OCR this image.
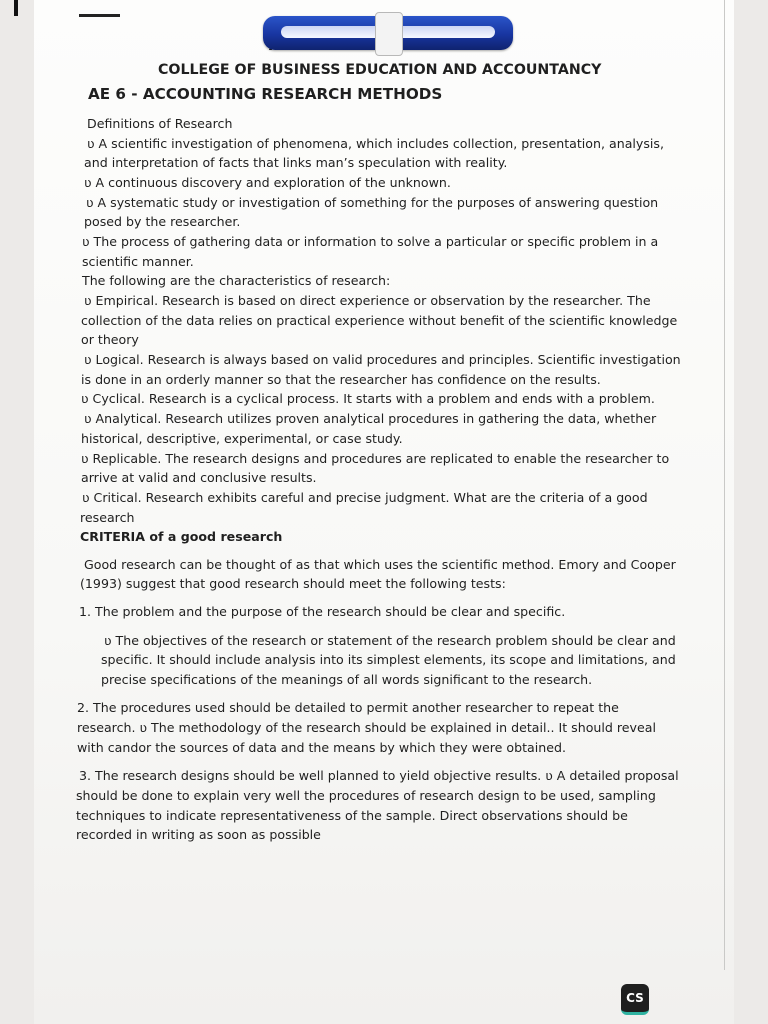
COLLEGE OF BUSINESS EDUCATION AND ACCOUNTANCY
AE 6 - ACCOUNTING RESEARCH METHODS
Definitions of Research
ʋ A scientific investigation of phenomena, which includes collection, presentation, analysis,
and interpretation of facts that links man’s speculation with reality.
ʋ A continuous discovery and exploration of the unknown.
ʋ A systematic study or investigation of something for the purposes of answering question
posed by the researcher.
ʋ The process of gathering data or information to solve a particular or specific problem in a
scientific manner.
The following are the characteristics of research:
ʋ Empirical. Research is based on direct experience or observation by the researcher. The
collection of the data relies on practical experience without benefit of the scientific knowledge
or theory
ʋ Logical. Research is always based on valid procedures and principles. Scientific investigation
is done in an orderly manner so that the researcher has confidence on the results.
ʋ Cyclical. Research is a cyclical process. It starts with a problem and ends with a problem.
ʋ Analytical. Research utilizes proven analytical procedures in gathering the data, whether
historical, descriptive, experimental, or case study.
ʋ Replicable. The research designs and procedures are replicated to enable the researcher to
arrive at valid and conclusive results.
ʋ Critical. Research exhibits careful and precise judgment. What are the criteria of a good
research
CRITERIA of a good research
Good research can be thought of as that which uses the scientific method. Emory and Cooper
(1993) suggest that good research should meet the following tests:
1. The problem and the purpose of the research should be clear and specific.
ʋ The objectives of the research or statement of the research problem should be clear and
specific. It should include analysis into its simplest elements, its scope and limitations, and
precise specifications of the meanings of all words significant to the research.
2. The procedures used should be detailed to permit another researcher to repeat the
research. ʋ The methodology of the research should be explained in detail.. It should reveal
with candor the sources of data and the means by which they were obtained.
3. The research designs should be well planned to yield objective results. ʋ A detailed proposal
should be done to explain very well the procedures of research design to be used, sampling
techniques to indicate representativeness of the sample. Direct observations should be
recorded in writing as soon as possible
CS
